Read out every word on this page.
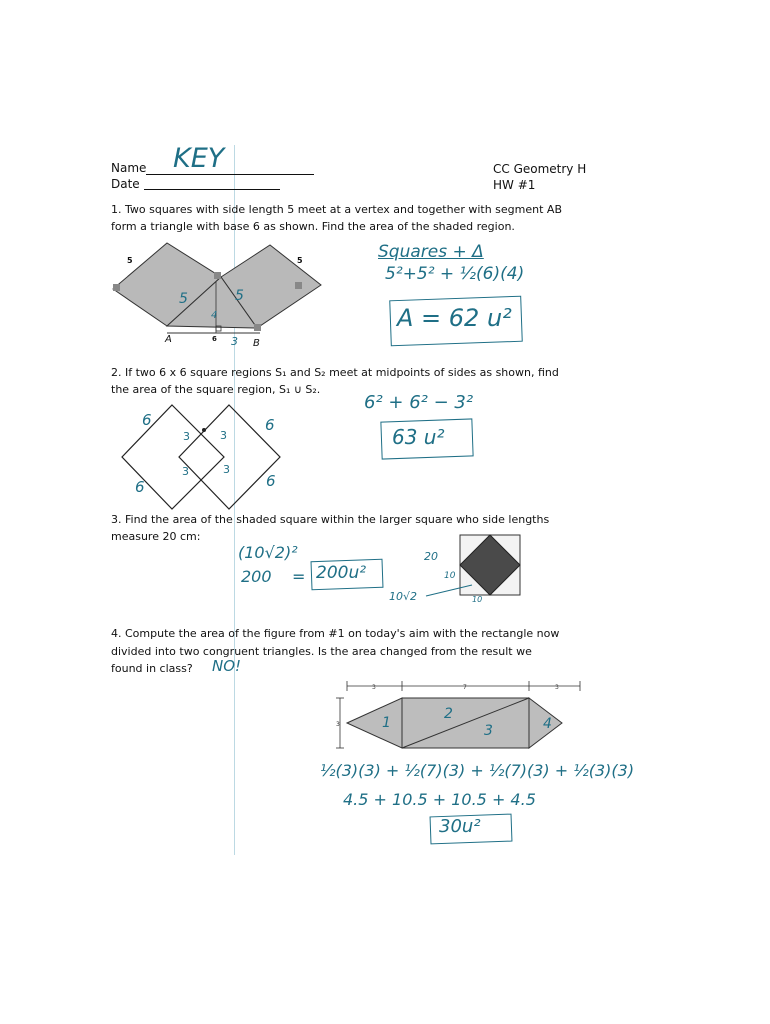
Name KEY
Date
CC Geometry H
HW #1
1. Two squares with side length 5 meet at a vertex and together with segment AB
form a triangle with base 6 as shown. Find the area of the shaded region.
5	5
6
A	B
5	5
4
3
Squares + Δ
5²+5² + ½(6)(4)
A = 62 u²
2. If two 6 x 6 square regions S₁ and S₂ meet at midpoints of sides as shown, find
the area of the square region, S₁ ∪ S₂.
6	6
6	6
3	3
3	3
6² + 6² − 3²
63 u²
3. Find the area of the shaded square within the larger square who side lengths
measure 20 cm:
(10√2)²
200 = 200u²
20
10
10
10√2
4. Compute the area of the figure from #1 on today's aim with the rectangle now
divided into two congruent triangles. Is the area changed from the result we
found in class? NO!
3	7	3
3	1
2
3	4
½(3)(3) + ½(7)(3) + ½(7)(3) + ½(3)(3)
4.5 + 10.5 + 10.5 + 4.5
30u²
